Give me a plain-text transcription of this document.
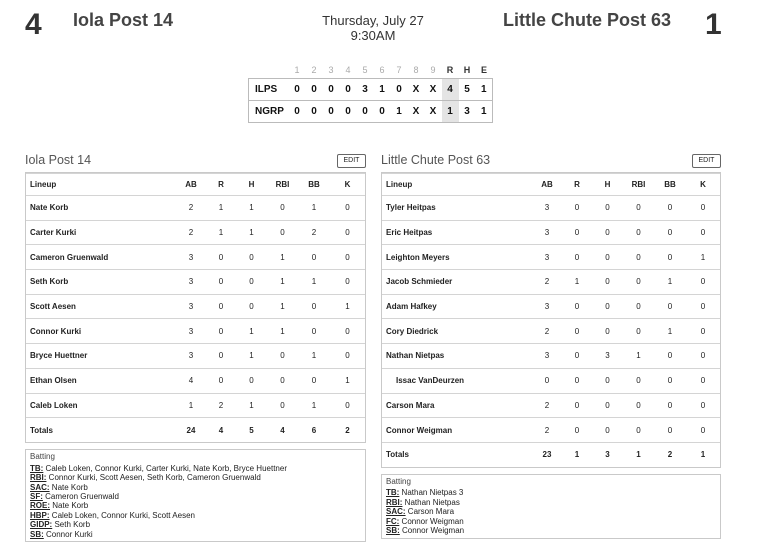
4 Iola Post 14	Thursday, July 27
9:30AM
Little Chute Post 63 1
	1	2	3	4	5	6	7	8	9	R	H	E
ILPS	0	0	0	0	3	1	0	X	X	4	5	1
NGRP	0	0	0	0	0	0	1	X	X	1	3	1
Iola Post 14	EDIT
Lineup	AB	R	H	RBI	BB	K
Nate Korb	2	1	1	0	1	0
Carter Kurki	2	1	1	0	2	0
Cameron Gruenwald	3	0	0	1	0	0
Seth Korb	3	0	0	1	1	0
Scott Aesen	3	0	0	1	0	1
Connor Kurki	3	0	1	1	0	0
Bryce Huettner	3	0	1	0	1	0
Ethan Olsen	4	0	0	0	0	1
Caleb Loken	1	2	1	0	1	0
Totals	24	4	5	4	6	2
Batting
TB: Caleb Loken, Connor Kurki, Carter Kurki, Nate Korb, Bryce Huettner
RBI: Connor Kurki, Scott Aesen, Seth Korb, Cameron Gruenwald
SAC: Nate Korb
SF: Cameron Gruenwald
ROE: Nate Korb
HBP: Caleb Loken, Connor Kurki, Scott Aesen
GIDP: Seth Korb
SB: Connor Kurki
Little Chute Post 63	EDIT
Lineup	AB	R	H	RBI	BB	K
Tyler Heitpas	3	0	0	0	0	0
Eric Heitpas	3	0	0	0	0	0
Leighton Meyers	3	0	0	0	0	1
Jacob Schmieder	2	1	0	0	1	0
Adam Hafkey	3	0	0	0	0	0
Cory Diedrick	2	0	0	0	1	0
Nathan Nietpas	3	0	3	1	0	0
Issac VanDeurzen	0	0	0	0	0	0
Carson Mara	2	0	0	0	0	0
Connor Weigman	2	0	0	0	0	0
Totals	23	1	3	1	2	1
Batting
TB: Nathan Nietpas 3
RBI: Nathan Nietpas
SAC: Carson Mara
FC: Connor Weigman
SB: Connor Weigman
